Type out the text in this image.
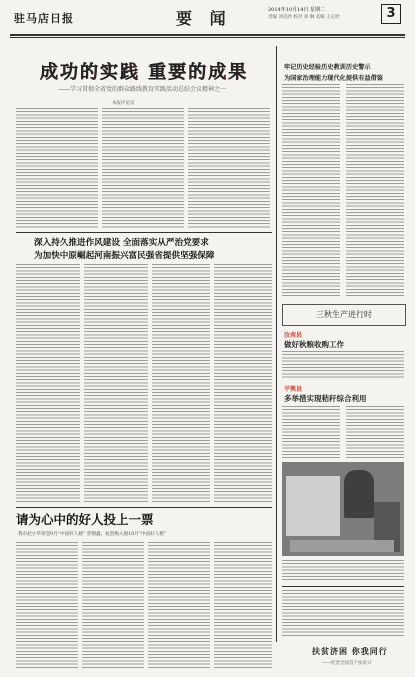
驻马店日报	要 闻	2014年10月14日 星期二
责编 刘克欣 校对 刘 琳 美编 王正欣	3
成功的实践 重要的成果
——学习贯彻全省党的群众路线教育实践活动总结会议精神之一
本报评论员
深入持久推进作风建设 全面落实从严治党要求
为加快中原崛起河南振兴富民强省提供坚强保障
请为心中的好人投上一票
我市赵小华荣登9月“中国好人榜” 曾钢鑫、杭贺梅入围10月“中国好人榜”
牢记历史经验历史教训历史警示
为国家治理能力现代化提供有益借鉴
三秋生产进行时
汝南县
做好秋粮收购工作
平舆县
多举措实现秸秆综合利用
扶贫济困 你我同行
——纪念全国首个扶贫日
